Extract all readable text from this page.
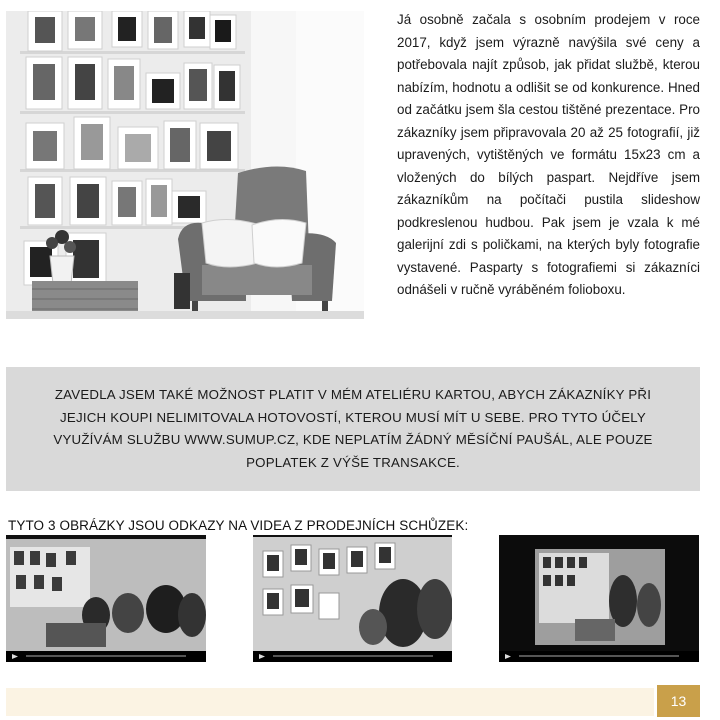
Já osobně začala s osobním prodejem v roce 2017, když jsem výrazně navýšila své ceny a potřebovala najít způsob, jak přidat službě, kterou nabízím, hodnotu a odlišit se od konkurence. Hned od začátku jsem šla cestou tištěné prezentace. Pro zákazníky jsem připravovala 20 až 25 fotografií, již upravených, vytištěných ve formátu 15x23 cm a vložených do bílých paspart. Nejdříve jsem zákazníkům na počítači pustila slideshow podkreslenou hudbou. Pak jsem je vzala k mé galerijní zdi s poličkami, na kterých byly fotografie vystavené. Pasparty s fotografiemi si zákazníci odnášeli v ručně vyráběném folioboxu.

ZAVEDLA JSEM TAKÉ MOŽNOST PLATIT V MÉM ATELIÉRU KARTOU, ABYCH ZÁKAZNÍKY PŘI JEJICH KOUPI NELIMITOVALA HOTOVOSTÍ, KTEROU MUSÍ MÍT U SEBE. PRO TYTO ÚČELY VYUŽÍVÁM SLUŽBU WWW.SUMUP.CZ, KDE NEPLATÍM ŽÁDNÝ MĚSÍČNÍ PAUŠÁL, ALE POUZE POPLATEK Z VÝŠE TRANSAKCE.

TYTO 3 OBRÁZKY JSOU ODKAZY NA VIDEA Z PRODEJNÍCH SCHŮZEK:
13
